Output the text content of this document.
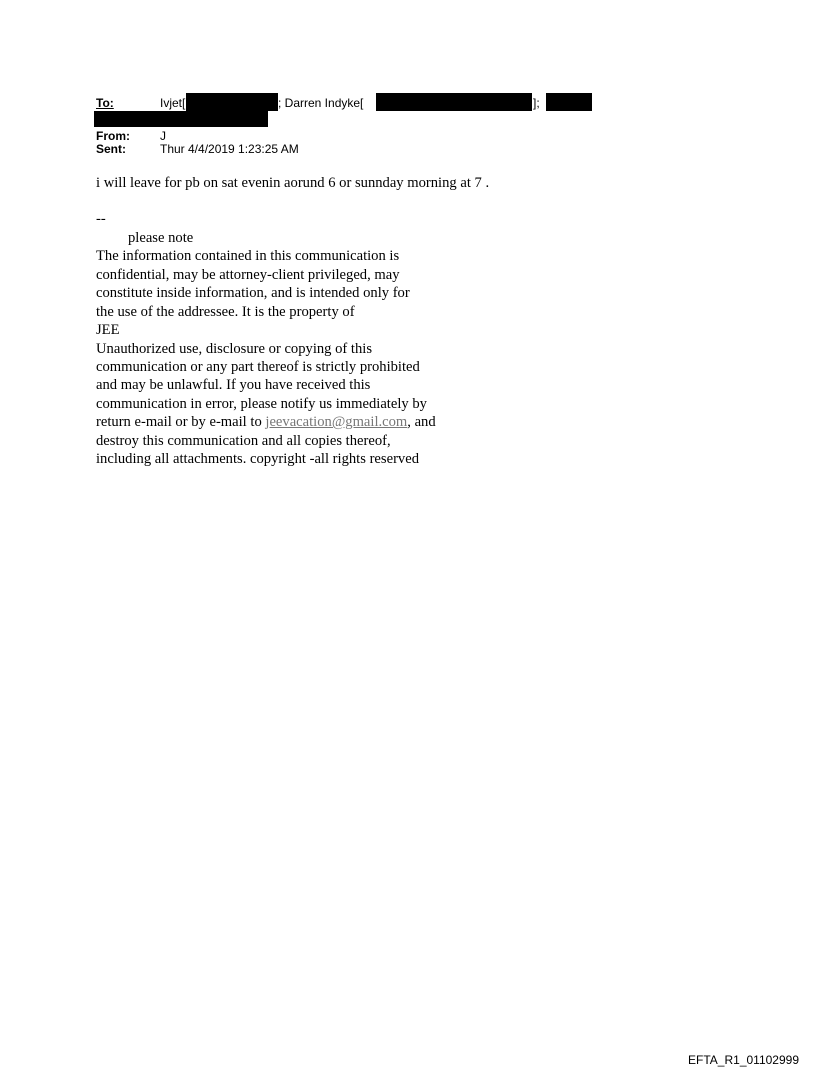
To:	Ivjet[	; Darren Indyke[	];
From:	J
Sent:	Thur 4/4/2019 1:23:25 AM
i will leave for pb on sat evenin aorund 6 or sunnday morning at 7 .
--
please note
The information contained in this communication is
confidential, may be attorney-client privileged, may
constitute inside information, and is intended only for
the use of the addressee. It is the property of
JEE
Unauthorized use, disclosure or copying of this
communication or any part thereof is strictly prohibited
and may be unlawful. If you have received this
communication in error, please notify us immediately by
return e-mail or by e-mail to jeevacation@gmail.com, and
destroy this communication and all copies thereof,
including all attachments. copyright -all rights reserved
EFTA_R1_01102999
